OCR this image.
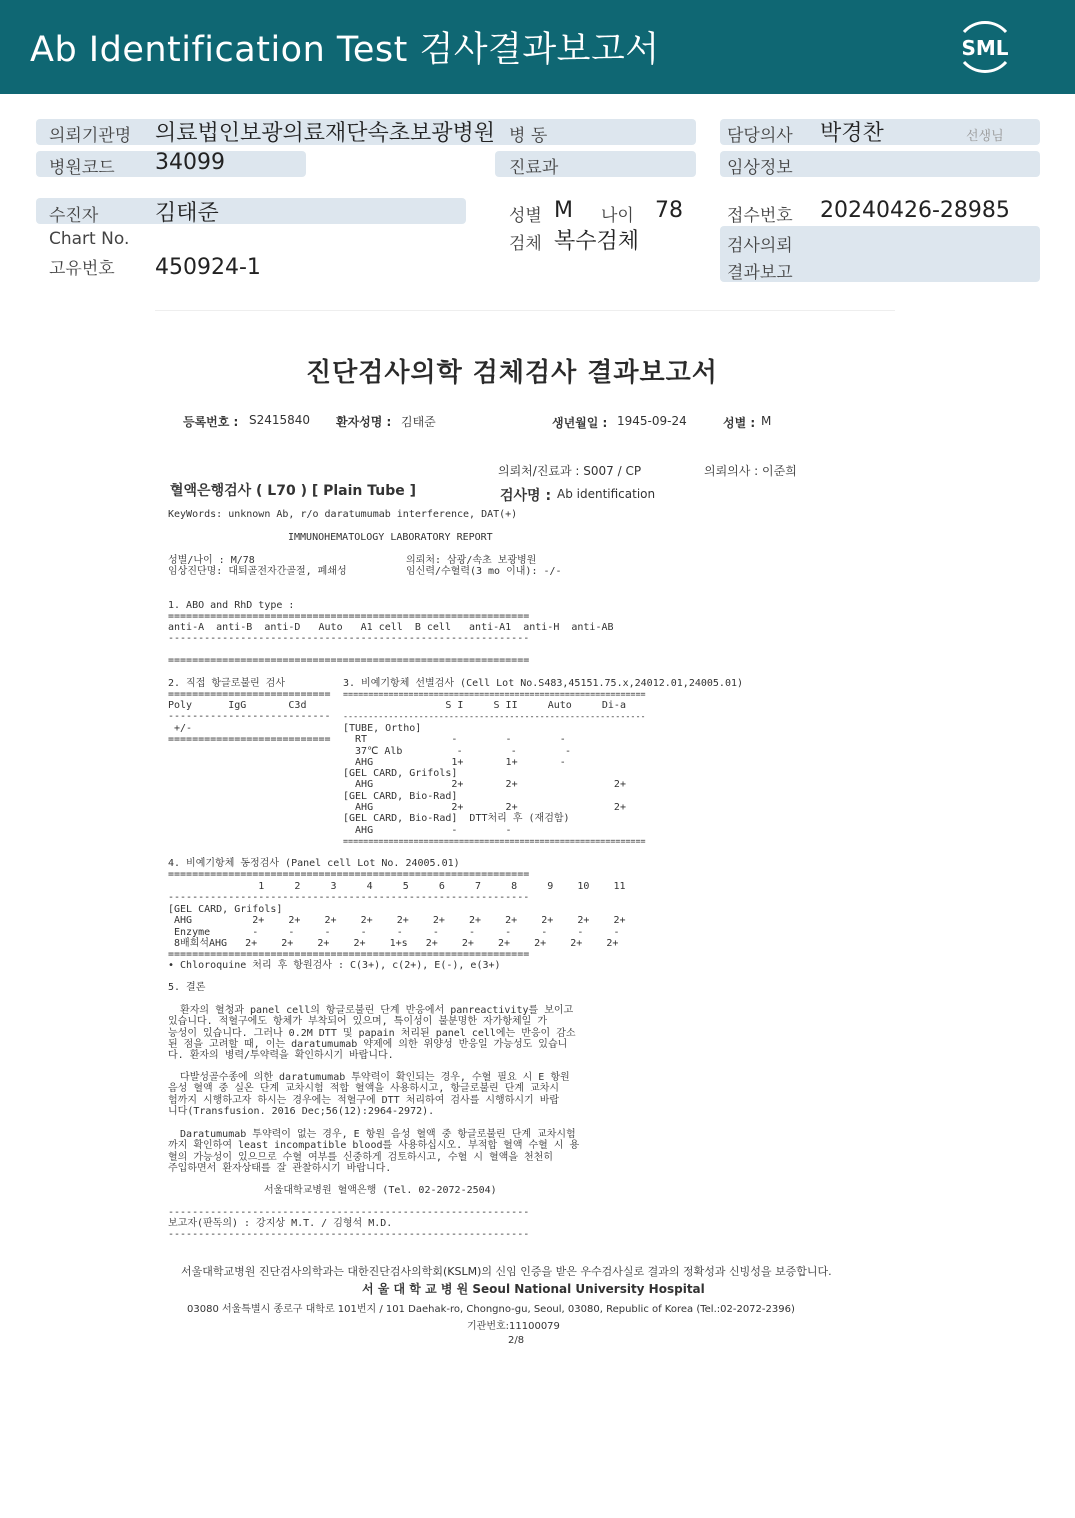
Ab Identification Test 검사결과보고서	SML
의뢰기관명 의료법인보광의료재단속초보광병원 병 동	담당의사 박경찬	선생님
병원코드 34099	진료과	임상정보
수진자	김태준	성별 M 나이 78	접수번호 20240426-28985
Chart No.	검체 복수검체	검사의뢰
고유번호 450924-1	결과보고
진단검사의학 검체검사 결과보고서
등록번호 : S2415840 환자성명 : 김태준	생년월일 : 1945-09-24	성별 : M
의뢰처/진료과 : S007 / CP	의뢰의사 : 이준희
혈액은행검사 ( L70 ) [ Plain Tube ]	검사명 : Ab identification
KeyWords: unknown Ab, r/o daratumumab interference, DAT(+)
IMMUNOHEMATOLOGY LABORATORY REPORT
성별/나이 : M/78
임상진단명: 대퇴골전자간골절, 폐쇄성
의뢰처: 삼광/속초 보광병원
임신력/수혈력(3 mo 이내): -/-
1. ABO and RhD type :
============================================================
anti-A  anti-B  anti-D   Auto   A1 cell  B cell   anti-A1  anti-H  anti-AB
------------------------------------------------------------
============================================================
2. 직접 항글로불린 검사
===========================
Poly      IgG       C3d
---------------------------
+/-
===========================
3. 비예기항체 선별검사 (Cell Lot No.S483,45151.75.x,24012.01,24005.01)
============================================================
S I     S II     Auto     Di-a
------------------------------------------------------------
[TUBE, Ortho]
RT              -        -        -
37℃ Alb         -        -        -
AHG             1+       1+       -
[GEL CARD, Grifols]
AHG             2+       2+                2+
[GEL CARD, Bio-Rad]
AHG             2+       2+                2+
[GEL CARD, Bio-Rad]  DTT처리 후 (재검함)
AHG             -        -
============================================================
4. 비예기항체 동정검사 (Panel cell Lot No. 24005.01)
============================================================
1     2     3     4     5     6     7     8     9    10    11
------------------------------------------------------------
[GEL CARD, Grifols]
AHG          2+    2+    2+    2+    2+    2+    2+    2+    2+    2+    2+
Enzyme       -     -     -     -     -     -     -     -     -     -     -
8배희석AHG   2+    2+    2+    2+    1+s   2+    2+    2+    2+    2+    2+
============================================================
• Chloroquine 처리 후 항원검사 : C(3+), c(2+), E(-), e(3+)
5. 결론
환자의 혈청과 panel cell의 항글로불린 단계 반응에서 panreactivity를 보이고
있습니다. 적혈구에도 항체가 부착되어 있으며, 특이성이 불분명한 자가항체일 가
능성이 있습니다. 그러나 0.2M DTT 및 papain 처리된 panel cell에는 반응이 감소
된 점을 고려할 때, 이는 daratumumab 약제에 의한 위양성 반응일 가능성도 있습니
다. 환자의 병력/투약력을 확인하시기 바랍니다.
다발성골수종에 의한 daratumumab 투약력이 확인되는 경우, 수혈 필요 시 E 항원
음성 혈액 중 실온 단계 교차시험 적합 혈액을 사용하시고, 항글로불린 단계 교차시
험까지 시행하고자 하시는 경우에는 적혈구에 DTT 처리하여 검사를 시행하시기 바랍
니다(Transfusion. 2016 Dec;56(12):2964-2972).
Daratumumab 투약력이 없는 경우, E 항원 음성 혈액 중 항글로불린 단계 교차시험
까지 확인하여 least incompatible blood를 사용하십시오. 부적합 혈액 수혈 시 용
혈의 가능성이 있으므로 수혈 여부를 신중하게 검토하시고, 수혈 시 혈액을 천천히
주입하면서 환자상태를 잘 관찰하시기 바랍니다.
서울대학교병원 혈액은행 (Tel. 02-2072-2504)
------------------------------------------------------------
보고자(판독의) : 강지상 M.T. / 김형석 M.D.
------------------------------------------------------------
서울대학교병원 진단검사의학과는 대한진단검사의학회(KSLM)의 신임 인증을 받은 우수검사실로 결과의 정확성과 신빙성을 보증합니다.
서 울 대 학 교 병 원 Seoul National University Hospital
03080 서울특별시 종로구 대학로 101번지 / 101 Daehak-ro, Chongno-gu, Seoul, 03080, Republic of Korea (Tel.:02-2072-2396)
기관번호:11100079
2/8
